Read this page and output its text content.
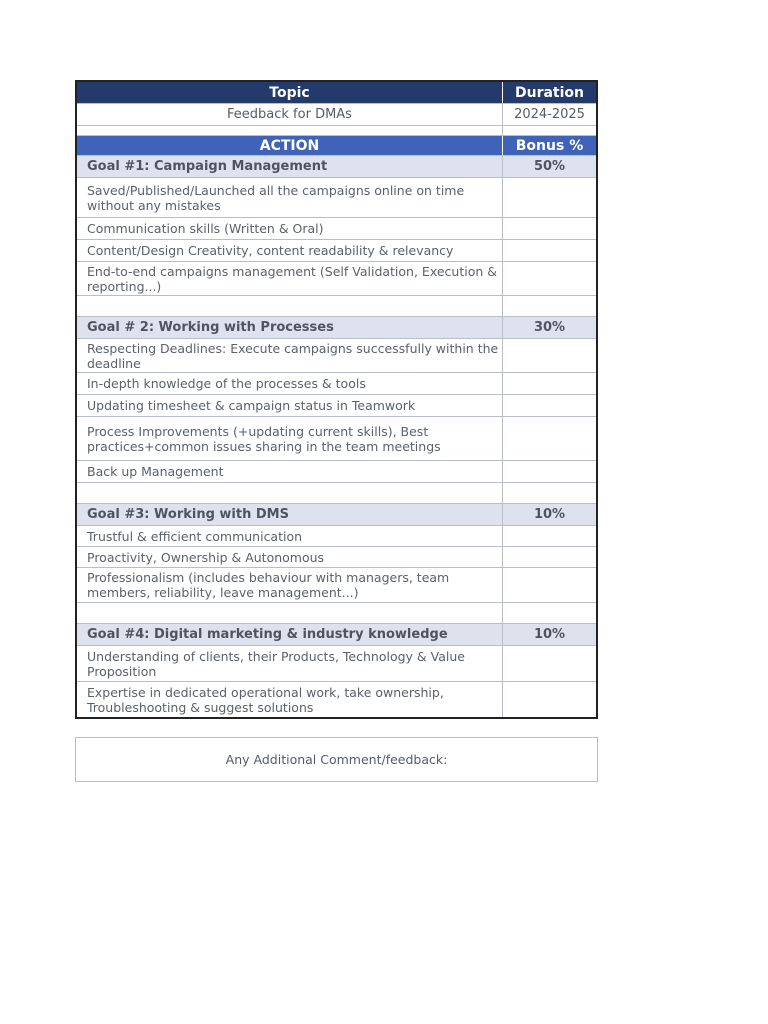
Topic	Duration
Feedback for DMAs	2024-2025
ACTION	Bonus %
Goal #1: Campaign Management	50%
Saved/Published/Launched all the campaigns online on time without any mistakes
Communication skills (Written & Oral)
Content/Design Creativity, content readability & relevancy
End-to-end campaigns management (Self Validation, Execution & reporting...)
Goal # 2: Working with Processes	30%
Respecting Deadlines: Execute campaigns successfully within the deadline
In-depth knowledge of the processes & tools
Updating timesheet & campaign status in Teamwork
Process Improvements (+updating current skills), Best practices+common issues sharing in the team meetings
Back up Management
Goal #3: Working with DMS	10%
Trustful & efficient communication
Proactivity, Ownership & Autonomous
Professionalism (includes behaviour with managers, team members, reliability, leave management...)
Goal #4: Digital marketing & industry knowledge	10%
Understanding of clients, their Products, Technology & Value Proposition
Expertise in dedicated operational work, take ownership, Troubleshooting & suggest solutions
Any Additional Comment/feedback:
